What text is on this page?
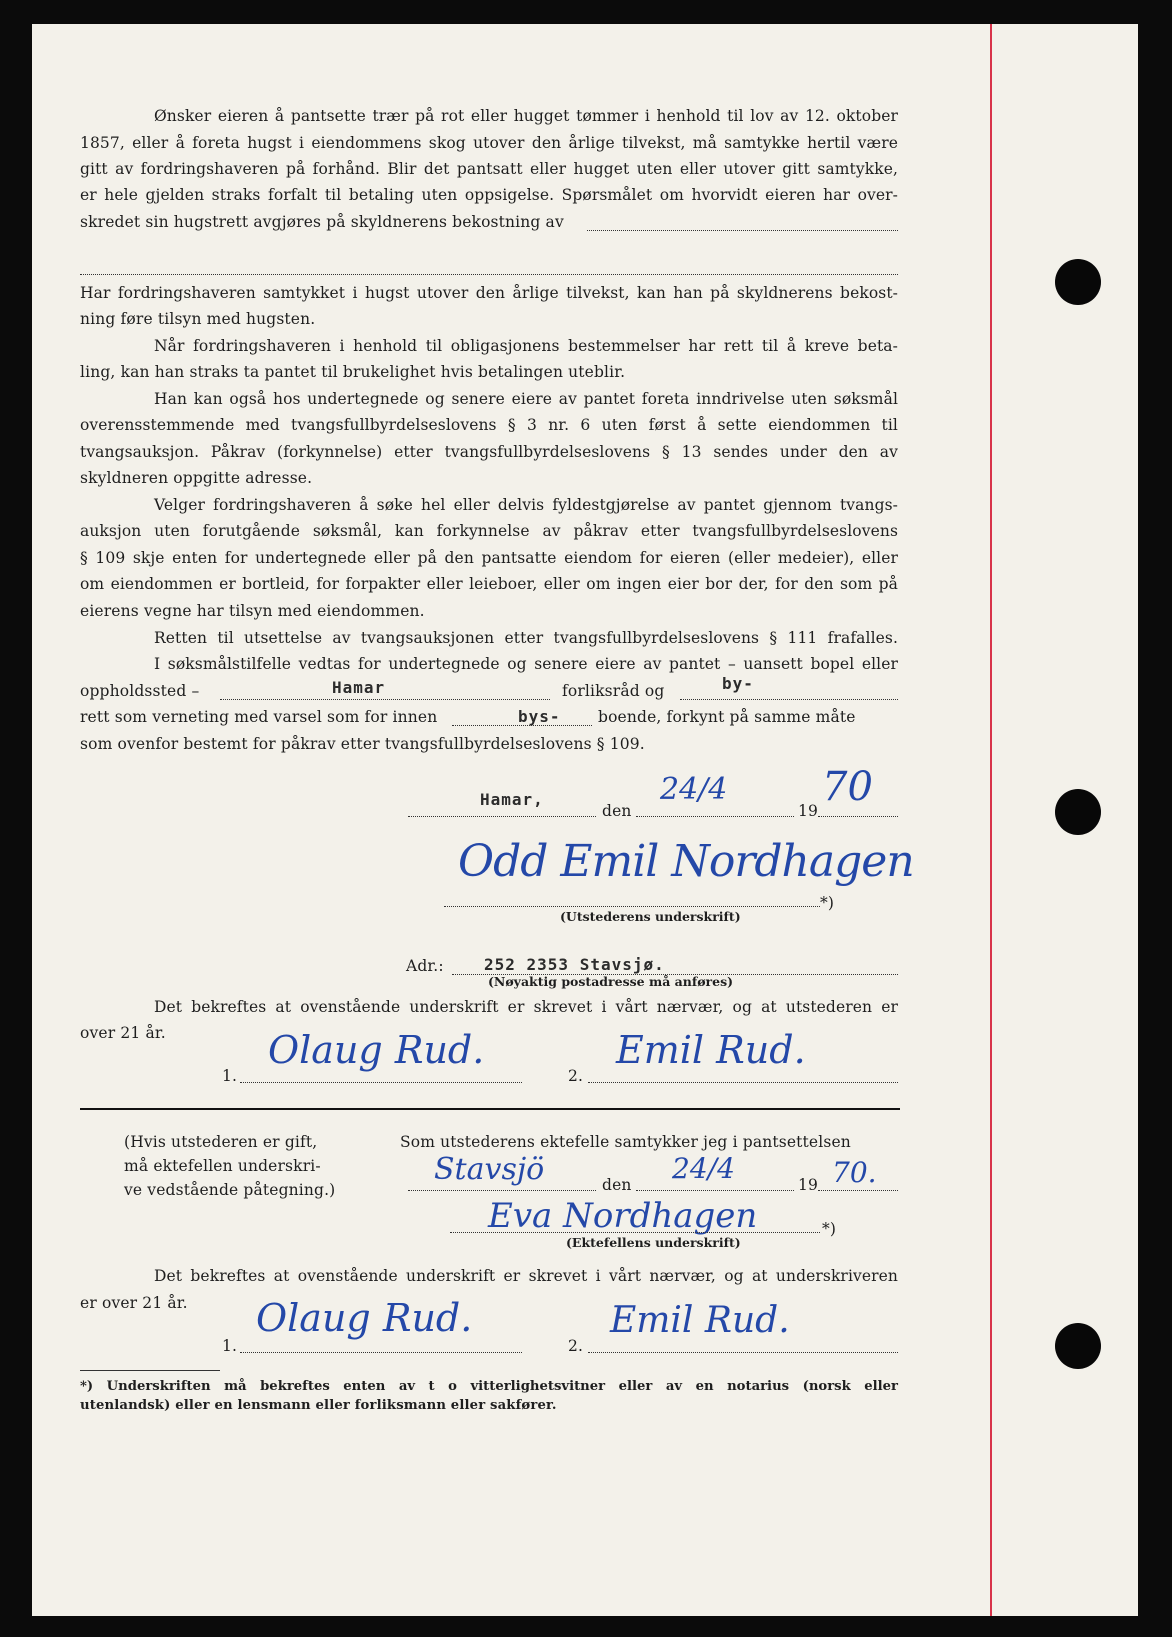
Ønsker eieren å pantsette trær på rot eller hugget tømmer i henhold til lov av 12. oktober
1857, eller å foreta hugst i eiendommens skog utover den årlige tilvekst, må samtykke hertil være
gitt av fordringshaveren på forhånd. Blir det pantsatt eller hugget uten eller utover gitt samtykke,
er hele gjelden straks forfalt til betaling uten oppsigelse. Spørsmålet om hvorvidt eieren har over-
skredet sin hugstrett avgjøres på skyldnerens bekostning av
Har fordringshaveren samtykket i hugst utover den årlige tilvekst, kan han på skyldnerens bekost-
ning føre tilsyn med hugsten.
Når fordringshaveren i henhold til obligasjonens bestemmelser har rett til å kreve beta-
ling, kan han straks ta pantet til brukelighet hvis betalingen uteblir.
Han kan også hos undertegnede og senere eiere av pantet foreta inndrivelse uten søksmål
overensstemmende med tvangsfullbyrdelseslovens § 3 nr. 6 uten først å sette eiendommen til
tvangsauksjon. Påkrav (forkynnelse) etter tvangsfullbyrdelseslovens § 13 sendes under den av
skyldneren oppgitte adresse.
Velger fordringshaveren å søke hel eller delvis fyldestgjørelse av pantet gjennom tvangs-
auksjon uten forutgående søksmål, kan forkynnelse av påkrav etter tvangsfullbyrdelseslovens
§ 109 skje enten for undertegnede eller på den pantsatte eiendom for eieren (eller medeier), eller
om eiendommen er bortleid, for forpakter eller leieboer, eller om ingen eier bor der, for den som på
eierens vegne har tilsyn med eiendommen.
Retten til utsettelse av tvangsauksjonen etter tvangsfullbyrdelseslovens § 111 frafalles.
I søksmålstilfelle vedtas for undertegnede og senere eiere av pantet – uansett bopel eller
oppholdssted –	Hamar	forliksråd og	by-
rett som verneting med varsel som for innen	bys- boende, forkynt på samme måte
som ovenfor bestemt for påkrav etter tvangsfullbyrdelseslovens § 109.
Hamar,
den
24/4
19
70
Odd Emil Nordhagen
*)
(Utstederens underskrift)
Adr.:	252 2353 Stavsjø.
(Nøyaktig postadresse må anføres)
Det bekreftes at ovenstående underskrift er skrevet i vårt nærvær, og at utstederen er
over 21 år.
1.
Olaug Rud.
2.
Emil Rud.
(Hvis utstederen er gift,
må ektefellen underskri-
ve vedstående påtegning.)
Som utstederens ektefelle samtykker jeg i pantsettelsen
Stavsjö	den 24/4	19 70.
Eva Nordhagen	*)
(Ektefellens underskrift)
Det bekreftes at ovenstående underskrift er skrevet i vårt nærvær, og at underskriveren
er over 21 år.
1.
Olaug Rud.
2.
Emil Rud.
*) Underskriften må bekreftes enten av t o vitterlighetsvitner eller av en notarius (norsk eller
utenlandsk) eller en lensmann eller forliksmann eller sakfører.
